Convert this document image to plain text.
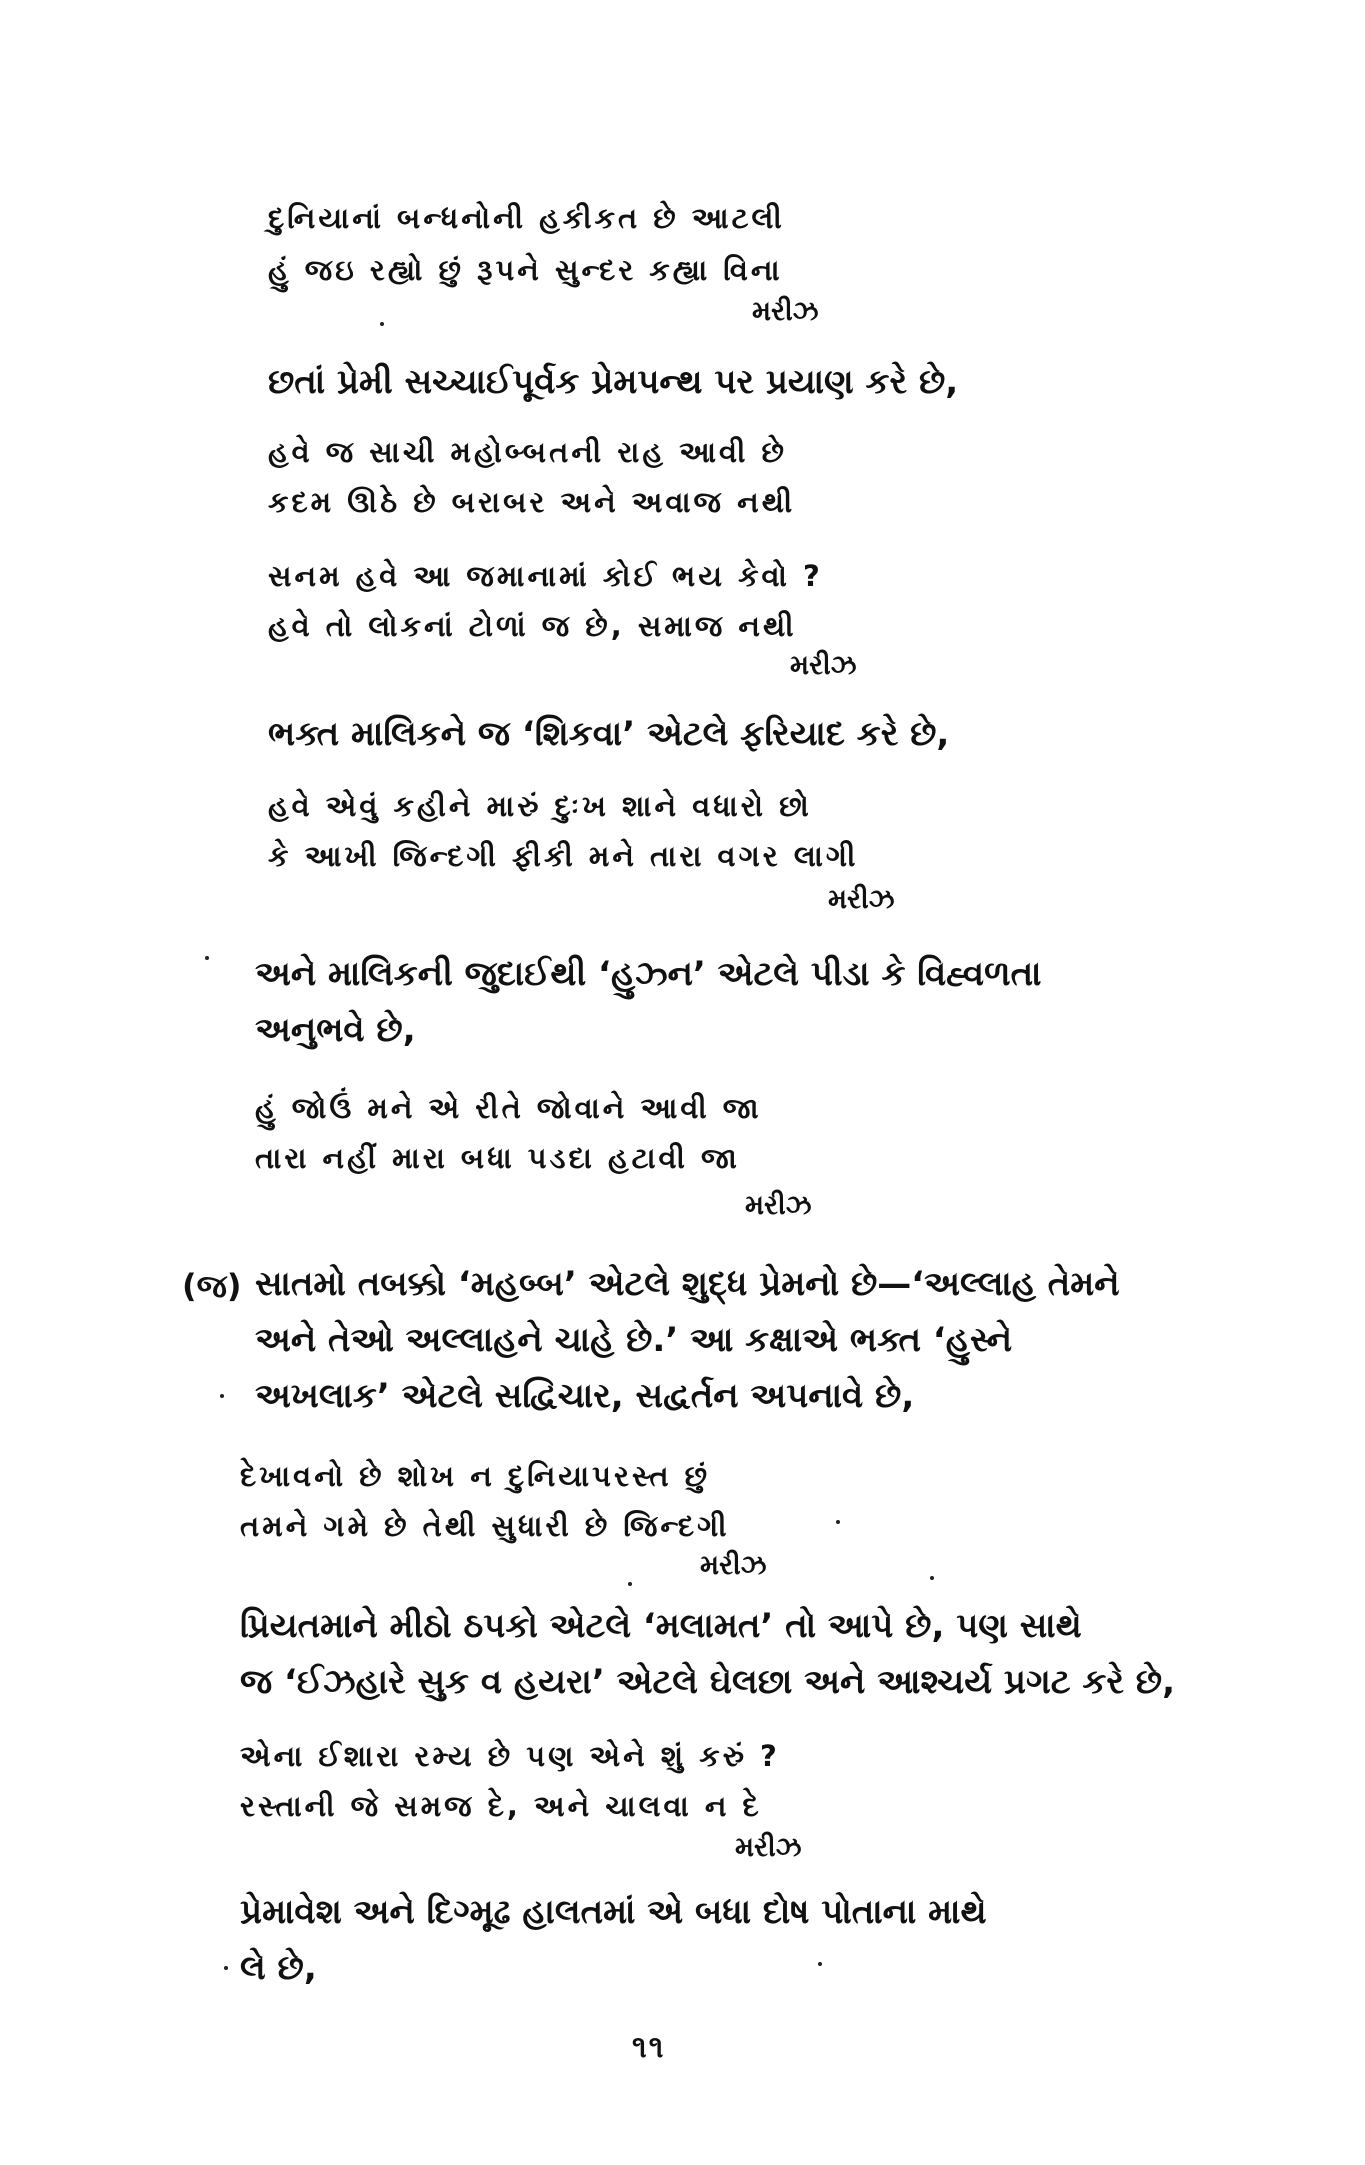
દુનિયાનાં બન્ધનોની હકીકત છે આટલી
હું જઇ રહ્યો છું રૂપને સુન્દર કહ્યા વિના
મરીઝ
છતાં પ્રેમી સચ્ચાઈપૂર્વક પ્રેમપન્થ પર પ્રયાણ કરે છે,
હવે જ સાચી મહોબ્બતની રાહ આવી છે
કદમ ઊઠે છે બરાબર અને અવાજ નથી
સનમ હવે આ જમાનામાં કોઈ ભય કેવો ?
હવે તો લોકનાં ટોળાં જ છે, સમાજ નથી
મરીઝ
ભક્ત માલિકને જ ‘શિકવા’ એટલે ફરિયાદ કરે છે,
હવે એવું કહીને મારું દુઃખ શાને વધારો છો
કે આખી જિન્દગી ફીકી મને તારા વગર લાગી
મરીઝ
અને માલિકની જુદાઈથી ‘હુઝ્ન’ એટલે પીડા કે વિહ્વળતા
અનુભવે છે,
હું જોઉં મને એ રીતે જોવાને આવી જા
તારા નહીં મારા બધા પડદા હટાવી જા
મરીઝ
(જ) સાતમો તબક્કો ‘મહબ્બ’ એટલે શુદ્ધ પ્રેમનો છે—‘અલ્લાહ તેમને
અને તેઓ અલ્લાહને ચાહે છે.’ આ કક્ષાએ ભક્ત ‘હુસ્ને
અખલાક’ એટલે સદ્વિચાર, સદ્વર્તન અપનાવે છે,
દેખાવનો છે શોખ ન દુનિયાપરસ્ત છું
તમને ગમે છે તેથી સુધારી છે જિન્દગી
મરીઝ
પ્રિયતમાને મીઠો ઠપકો એટલે ‘મલામત’ તો આપે છે, પણ સાથે
જ ‘ઈઝહારે સુક વ હયરા’ એટલે ઘેલછા અને આશ્ચર્ય પ્રગટ કરે છે,
એના ઈશારા રમ્ય છે પણ એને શું કરું ?
રસ્તાની જે સમજ દે, અને ચાલવા ન દે
મરીઝ
પ્રેમાવેશ અને દિગ્મૂઢ હાલતમાં એ બધા દોષ પોતાના માથે
લે છે,
૧૧
